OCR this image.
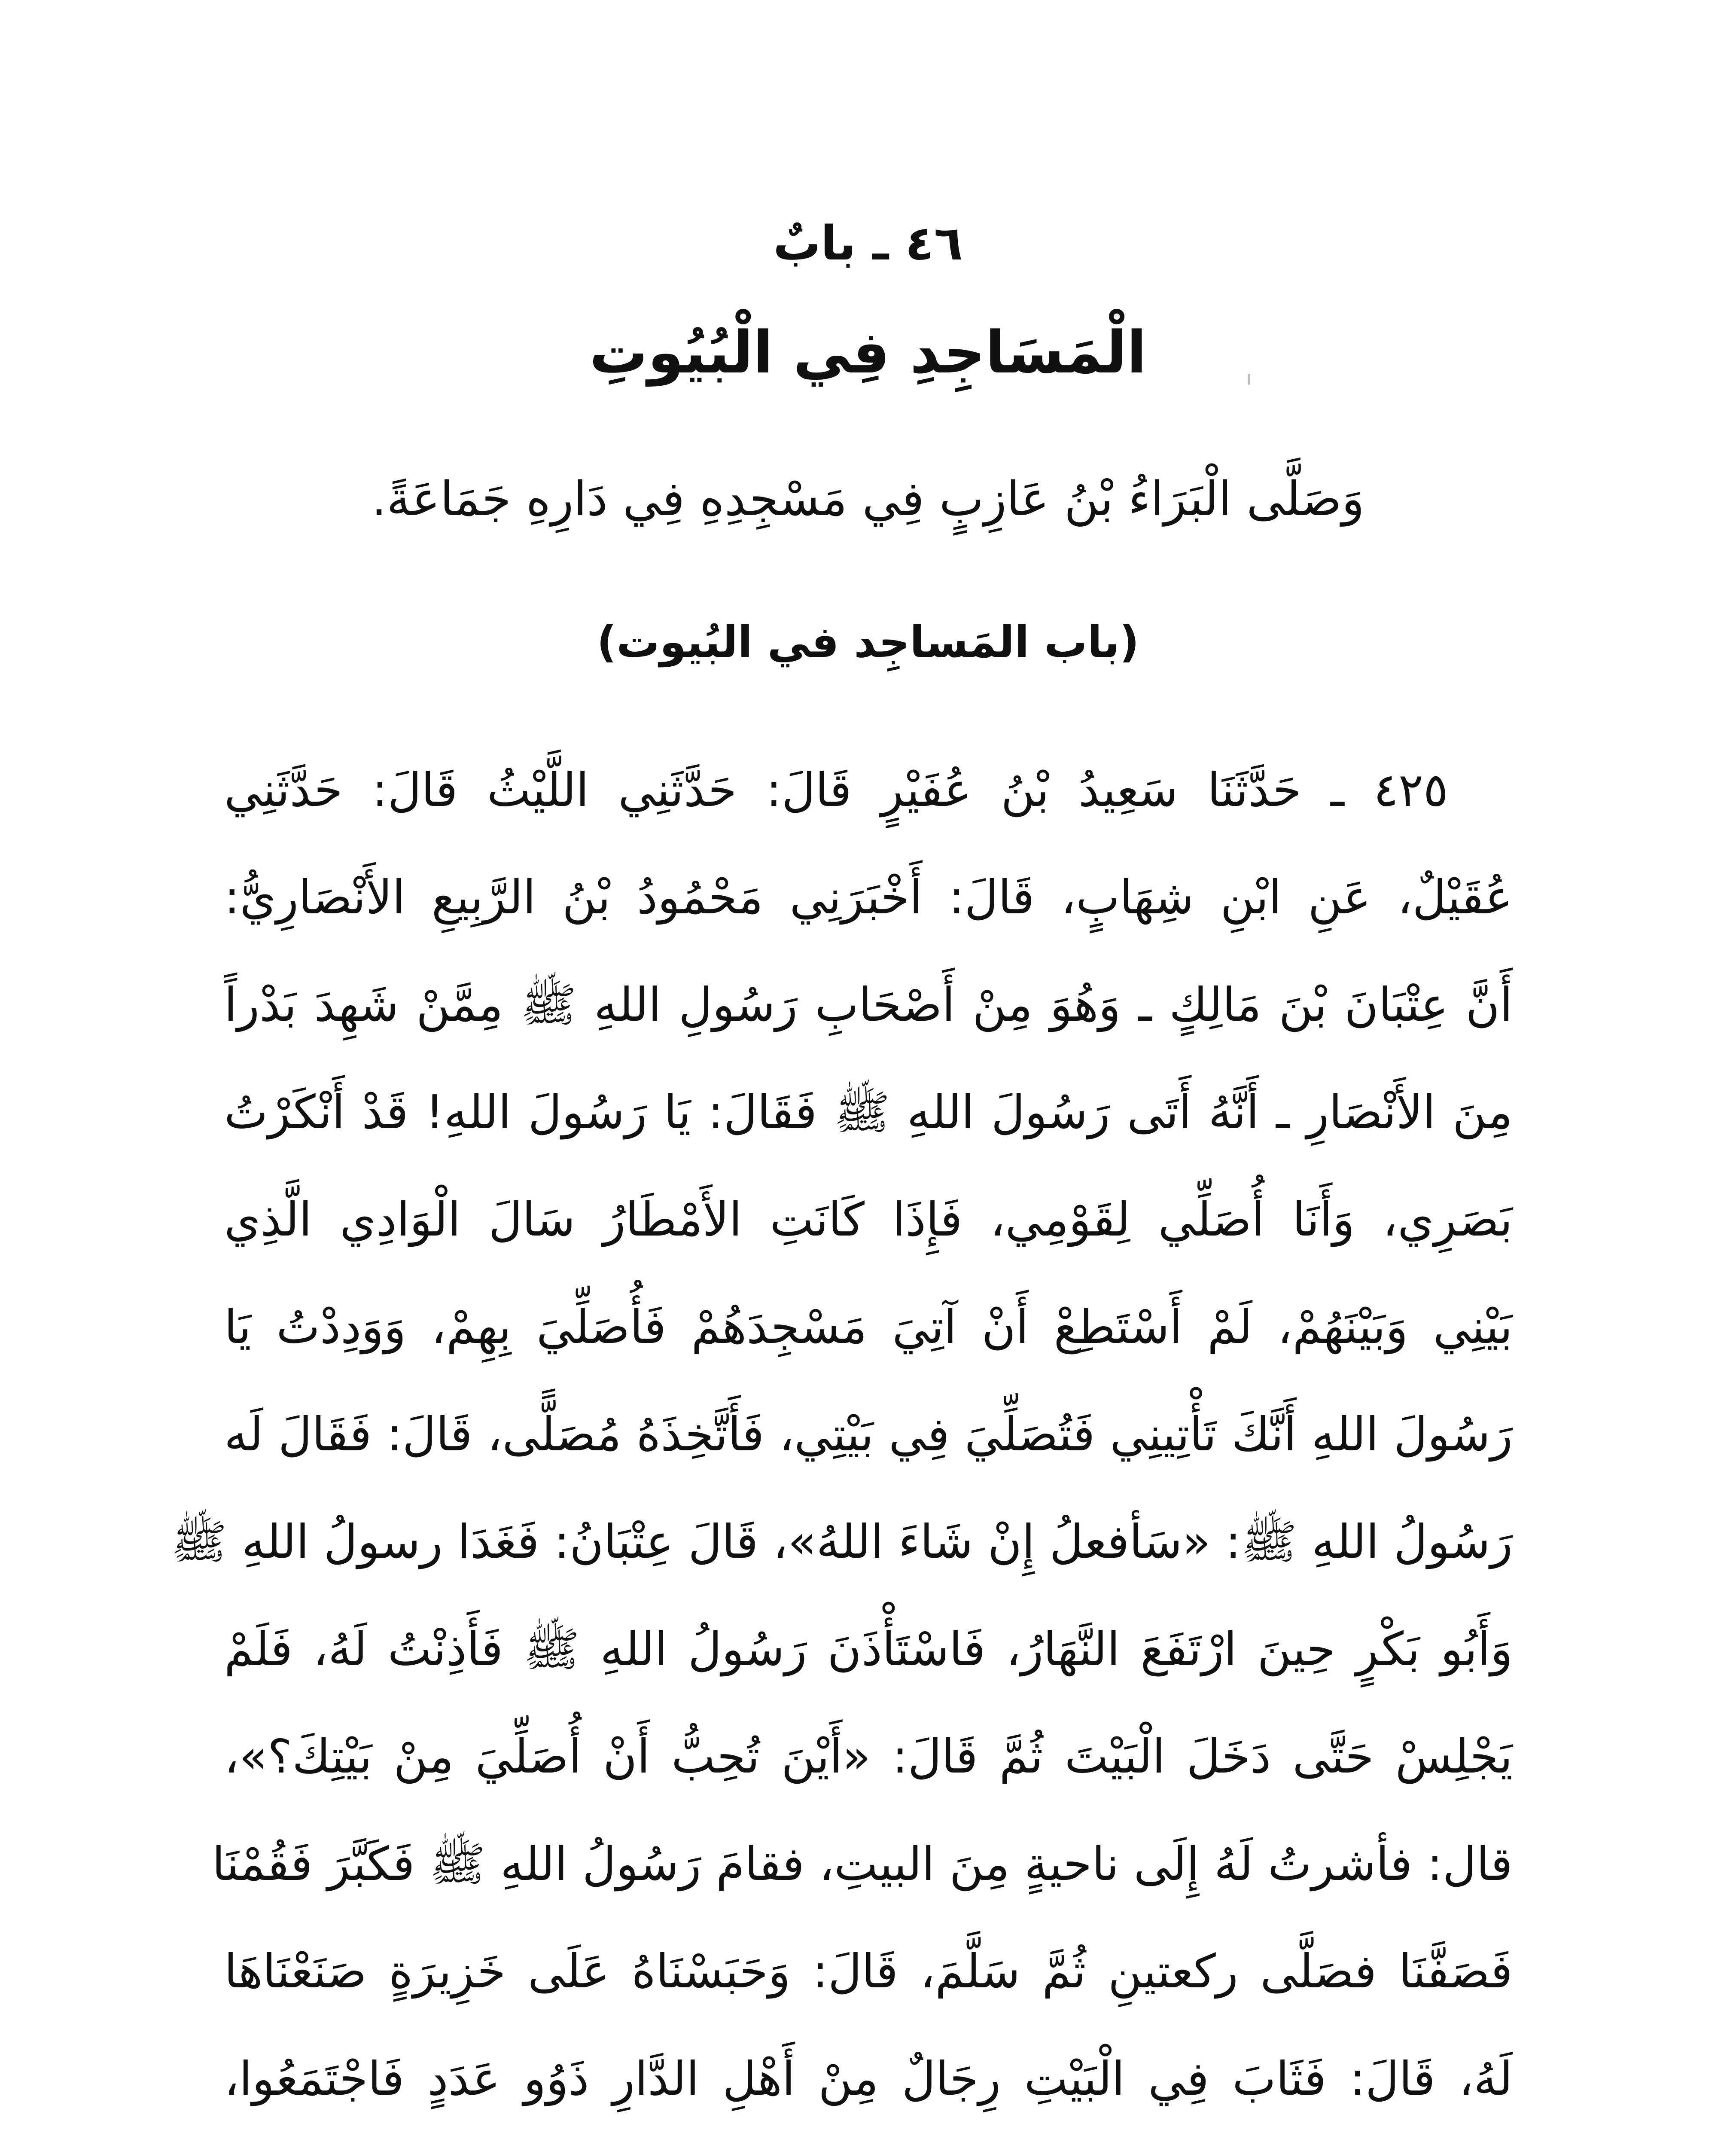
٤٦ ـ بابٌ
الْمَسَاجِدِ فِي الْبُيُوتِ
وَصَلَّى الْبَرَاءُ بْنُ عَازِبٍ فِي مَسْجِدِهِ فِي دَارِهِ جَمَاعَةً.
(باب المَساجِد في البُيوت)
٤٢٥ ـ حَدَّثَنَا سَعِيدُ بْنُ عُفَيْرٍ قَالَ: حَدَّثَنِي اللَّيْثُ قَالَ: حَدَّثَنِي
عُقَيْلٌ، عَنِ ابْنِ شِهَابٍ، قَالَ: أَخْبَرَنِي مَحْمُودُ بْنُ الرَّبِيعِ الأَنْصَارِيُّ:
أَنَّ عِتْبَانَ بْنَ مَالِكٍ ـ وَهُوَ مِنْ أَصْحَابِ رَسُولِ اللهِ ﷺ مِمَّنْ شَهِدَ بَدْراً
مِنَ الأَنْصَارِ ـ أَنَّهُ أَتَى رَسُولَ اللهِ ﷺ فَقَالَ: يَا رَسُولَ اللهِ! قَدْ أَنْكَرْتُ
بَصَرِي، وَأَنَا أُصَلِّي لِقَوْمِي، فَإِذَا كَانَتِ الأَمْطَارُ سَالَ الْوَادِي الَّذِي
بَيْنِي وَبَيْنَهُمْ، لَمْ أَسْتَطِعْ أَنْ آتِيَ مَسْجِدَهُمْ فَأُصَلِّيَ بِهِمْ، وَوَدِدْتُ يَا
رَسُولَ اللهِ أَنَّكَ تَأْتِينِي فَتُصَلِّيَ فِي بَيْتِي، فَأَتَّخِذَهُ مُصَلًّى، قَالَ: فَقَالَ لَه
رَسُولُ اللهِ ﷺ: «سَأفعلُ إِنْ شَاءَ اللهُ»، قَالَ عِتْبَانُ: فَغَدَا رسولُ اللهِ ﷺ
وَأَبُو بَكْرٍ حِينَ ارْتَفَعَ النَّهَارُ، فَاسْتَأْذَنَ رَسُولُ اللهِ ﷺ فَأَذِنْتُ لَهُ، فَلَمْ
يَجْلِسْ حَتَّى دَخَلَ الْبَيْتَ ثُمَّ قَالَ: «أَيْنَ تُحِبُّ أَنْ أُصَلِّيَ مِنْ بَيْتِكَ؟»،
قال: فأشرتُ لَهُ إِلَى ناحيةٍ مِنَ البيتِ، فقامَ رَسُولُ اللهِ ﷺ فَكَبَّرَ فَقُمْنَا
فَصَفَّنَا فصَلَّى ركعتينِ ثُمَّ سَلَّمَ، قَالَ: وَحَبَسْنَاهُ عَلَى خَزِيرَةٍ صَنَعْنَاهَا
لَهُ، قَالَ: فَثَابَ فِي الْبَيْتِ رِجَالٌ مِنْ أَهْلِ الدَّارِ ذَوُو عَدَدٍ فَاجْتَمَعُوا،
